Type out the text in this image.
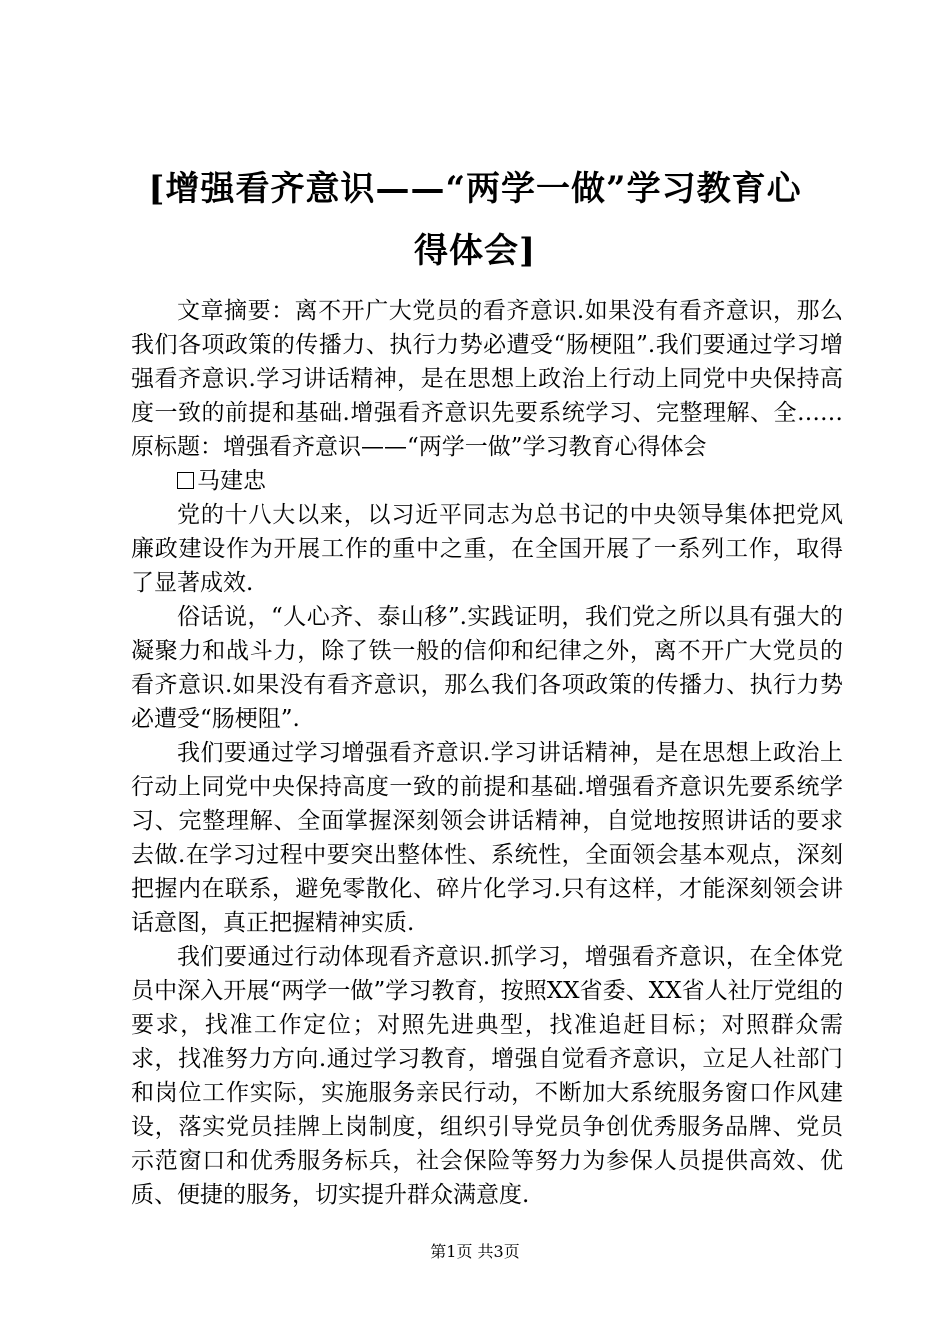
[增强看齐意识——“两学一做”学习教育心
得体会]

文章摘要：离不开广大党员的看齐意识.如果没有看齐意识，那么我们各项政策的传播力、执行力势必遭受“肠梗阻”.我们要通过学习增强看齐意识.学习讲话精神，是在思想上政治上行动上同党中央保持高度一致的前提和基础.增强看齐意识先要系统学习、完整理解、全……原标题：增强看齐意识——“两学一做”学习教育心得体会

马建忠

党的十八大以来，以习近平同志为总书记的中央领导集体把党风廉政建设作为开展工作的重中之重，在全国开展了一系列工作，取得了显著成效.

俗话说，“人心齐、泰山移”.实践证明，我们党之所以具有强大的凝聚力和战斗力，除了铁一般的信仰和纪律之外，离不开广大党员的看齐意识.如果没有看齐意识，那么我们各项政策的传播力、执行力势必遭受“肠梗阻”.

我们要通过学习增强看齐意识.学习讲话精神，是在思想上政治上行动上同党中央保持高度一致的前提和基础.增强看齐意识先要系统学习、完整理解、全面掌握深刻领会讲话精神，自觉地按照讲话的要求去做.在学习过程中要突出整体性、系统性，全面领会基本观点，深刻把握内在联系，避免零散化、碎片化学习.只有这样，才能深刻领会讲话意图，真正把握精神实质.

我们要通过行动体现看齐意识.抓学习，增强看齐意识，在全体党员中深入开展“两学一做”学习教育，按照XX省委、XX省人社厅党组的要求，找准工作定位；对照先进典型，找准追赶目标；对照群众需求，找准努力方向.通过学习教育，增强自觉看齐意识，立足人社部门和岗位工作实际，实施服务亲民行动，不断加大系统服务窗口作风建设，落实党员挂牌上岗制度，组织引导党员争创优秀服务品牌、党员示范窗口和优秀服务标兵，社会保险等努力为参保人员提供高效、优质、便捷的服务，切实提升群众满意度.

第1页 共3页
